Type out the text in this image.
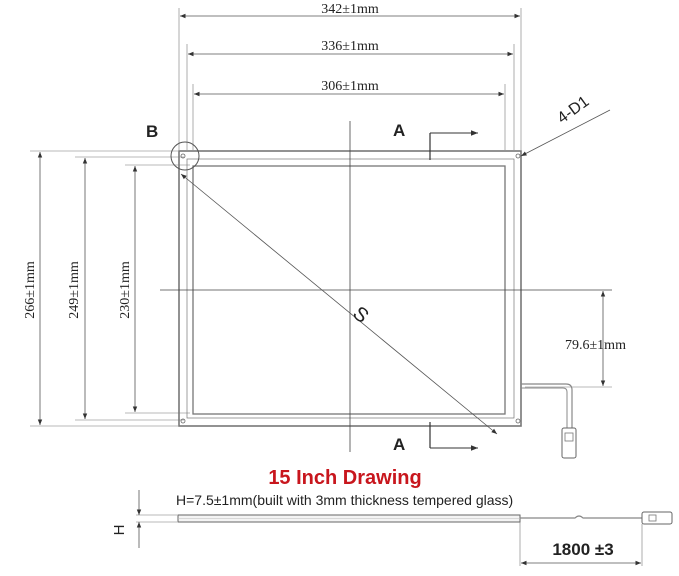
342±1mm
336±1mm
306±1mm
266±1mm 249±1mm	230±1mm
B
S
A
A
4-D1
79.6±1mm
15 Inch Drawing
H=7.5±1mm(built with 3mm thickness tempered glass)
H
1800 ±3
